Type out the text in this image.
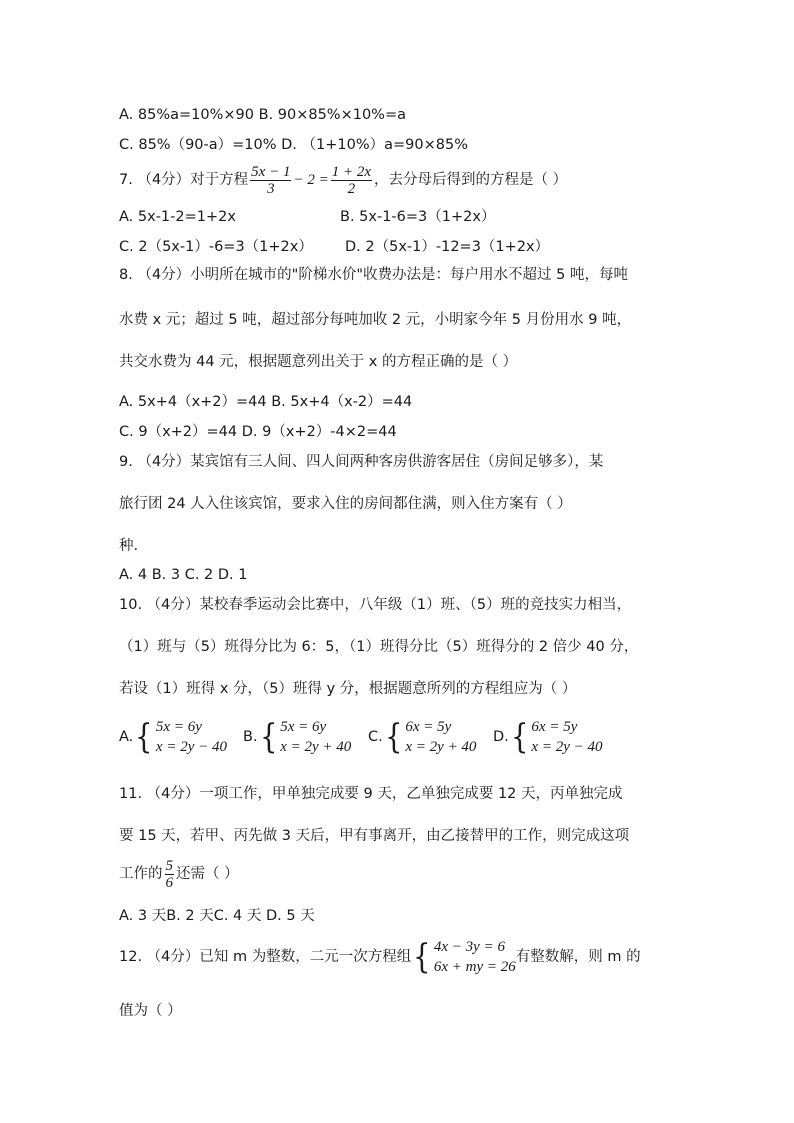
A. 85%a=10%×90 B. 90×85%×10%=a
C. 85%（90-a）=10% D. （1+10%）a=90×85%
7. （4分）对于方程 $\frac{5x - 1}{3} - 2 = \frac{1 + 2x}{2}$ ，去分母后得到的方程是（ ）
A. 5x-1-2=1+2x	B. 5x-1-6=3（1+2x）
C. 2（5x-1）-6=3（1+2x） D. 2（5x-1）-12=3（1+2x）
8. （4分）小明所在城市的"阶梯水价"收费办法是：每户用水不超过 5 吨，每吨
水费 x 元；超过 5 吨，超过部分每吨加收 2 元，小明家今年 5 月份用水 9 吨，
共交水费为 44 元，根据题意列出关于 x 的方程正确的是（ ）
A. 5x+4（x+2）=44 B. 5x+4（x-2）=44
C. 9（x+2）=44 D. 9（x+2）-4×2=44
9. （4分）某宾馆有三人间、四人间两种客房供游客居住（房间足够多），某
旅行团 24 人入住该宾馆，要求入住的房间都住满，则入住方案有（ ）
种.
A. 4 B. 3 C. 2 D. 1
10. （4分）某校春季运动会比赛中，八年级（1）班、（5）班的竞技实力相当，
（1）班与（5）班得分比为 6：5，（1）班得分比（5）班得分的 2 倍少 40 分，
若设（1）班得 x 分，（5）班得 y 分，根据题意所列的方程组应为（ ）
A.{ 5x = 6y
x = 2y − 40
B.{ 5x = 6y
x = 2y + 40
C.{ 6x = 5y
x = 2y + 40
D.{ 6x = 5y
x = 2y − 40
11. （4分）一项工作，甲单独完成要 9 天，乙单独完成要 12 天，丙单独完成
要 15 天，若甲、丙先做 3 天后，甲有事离开，由乙接替甲的工作，则完成这项
工作的 $\frac{5}{6}$ 还需（ ）
A. 3 天B. 2 天C. 4 天 D. 5 天
12. （4分）已知 m 为整数，二元一次方程组{ 4x − 3y = 6
6x + my = 26
有整数解，则 m 的
值为（ ）
